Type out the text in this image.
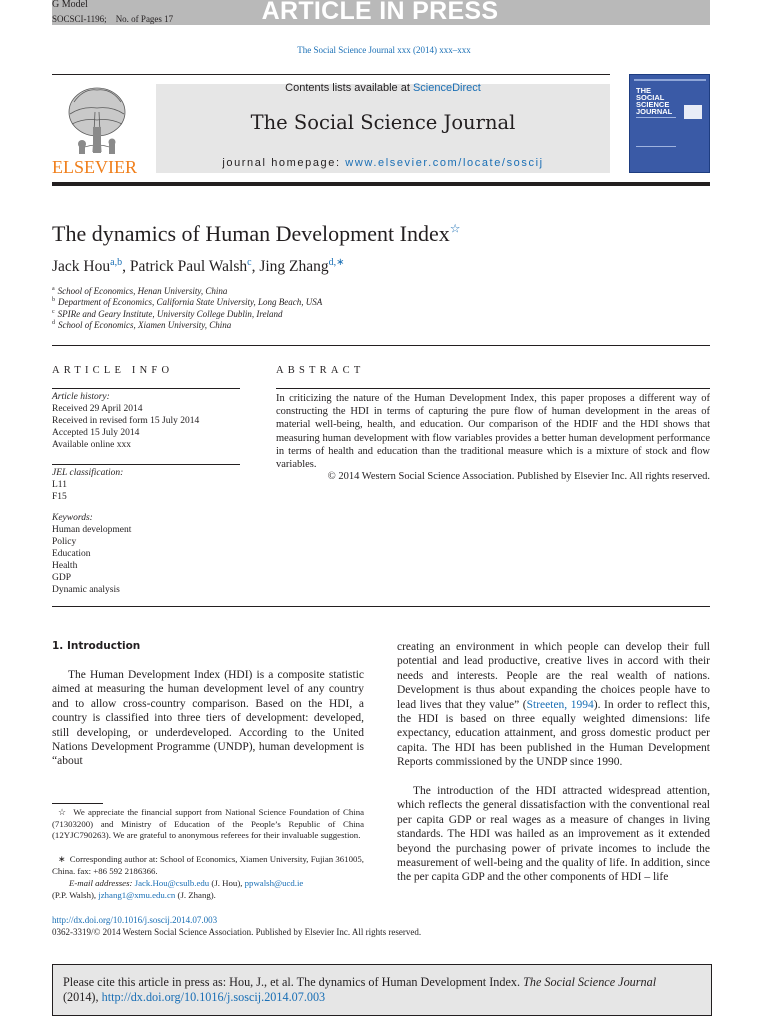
G Model
SOCSCI-1196; No. of Pages 17	ARTICLE IN PRESS
The Social Science Journal xxx (2014) xxx–xxx
ELSEVIER
Contents lists available at ScienceDirect
The Social Science Journal
journal homepage: www.elsevier.com/locate/soscij
THE
SOCIAL
SCIENCE
JOURNAL
The dynamics of Human Development Index☆
Jack Hou$^{a,b}$, Patrick Paul Walsh$^c$, Jing Zhang$^{d,∗}$
$^a$ School of Economics, Henan University, China
$^b$ Department of Economics, California State University, Long Beach, USA
$^c$ SPIRe and Geary Institute, University College Dublin, Ireland
$^d$ School of Economics, Xiamen University, China
ARTICLE INFO
Article history:
Received 29 April 2014
Received in revised form 15 July 2014
Accepted 15 July 2014
Available online xxx
JEL classification:
L11
F15
Keywords:
Human development
Policy
Education
Health
GDP
Dynamic analysis
ABSTRACT
In criticizing the nature of the Human Development Index, this paper proposes a different way of constructing the HDI in terms of capturing the pure flow of human development in the areas of material well-being, health, and education. Our comparison of the HDIF and the HDI shows that measuring human development with flow variables provides a better human development performance in terms of health and education than the traditional measure which is a mixture of stock and flow variables.
© 2014 Western Social Science Association. Published by Elsevier Inc. All rights reserved.
1. Introduction
The Human Development Index (HDI) is a composite statistic aimed at measuring the human development level of any country and to allow cross-country comparison. Based on the HDI, a country is classified into three tiers of development: developed, still developing, or underdeveloped. According to the United Nations Development Programme (UNDP), human development is “about
creating an environment in which people can develop their full potential and lead productive, creative lives in accord with their needs and interests. People are the real wealth of nations. Development is thus about expanding the choices people have to lead lives that they value” (Streeten, 1994). In order to reflect this, the HDI is based on three equally weighted dimensions: life expectancy, education attainment, and gross domestic product per capita. The HDI has been published in the Human Development Reports commissioned by the UNDP since 1990.
The introduction of the HDI attracted widespread attention, which reflects the general dissatisfaction with the conventional real per capita GDP or real wages as a measure of changes in living standards. The HDI was hailed as an improvement as it extended beyond the purchasing power of private incomes to include the measurement of well-being and the quality of life. In addition, since the per capita GDP and the other components of HDI – life
☆ We appreciate the financial support from National Science Foundation of China (71303200) and Ministry of Education of the People’s Republic of China (12YJC790263). We are grateful to anonymous referees for their invaluable suggestion.
∗ Corresponding author at: School of Economics, Xiamen University, Fujian 361005, China. fax: +86 592 2186366.
E-mail addresses: Jack.Hou@csulb.edu (J. Hou), ppwalsh@ucd.ie
(P.P. Walsh), jzhang1@xmu.edu.cn (J. Zhang).
http://dx.doi.org/10.1016/j.soscij.2014.07.003
0362-3319/© 2014 Western Social Science Association. Published by Elsevier Inc. All rights reserved.
Please cite this article in press as: Hou, J., et al. The dynamics of Human Development Index. The Social Science Journal
(2014), http://dx.doi.org/10.1016/j.soscij.2014.07.003
